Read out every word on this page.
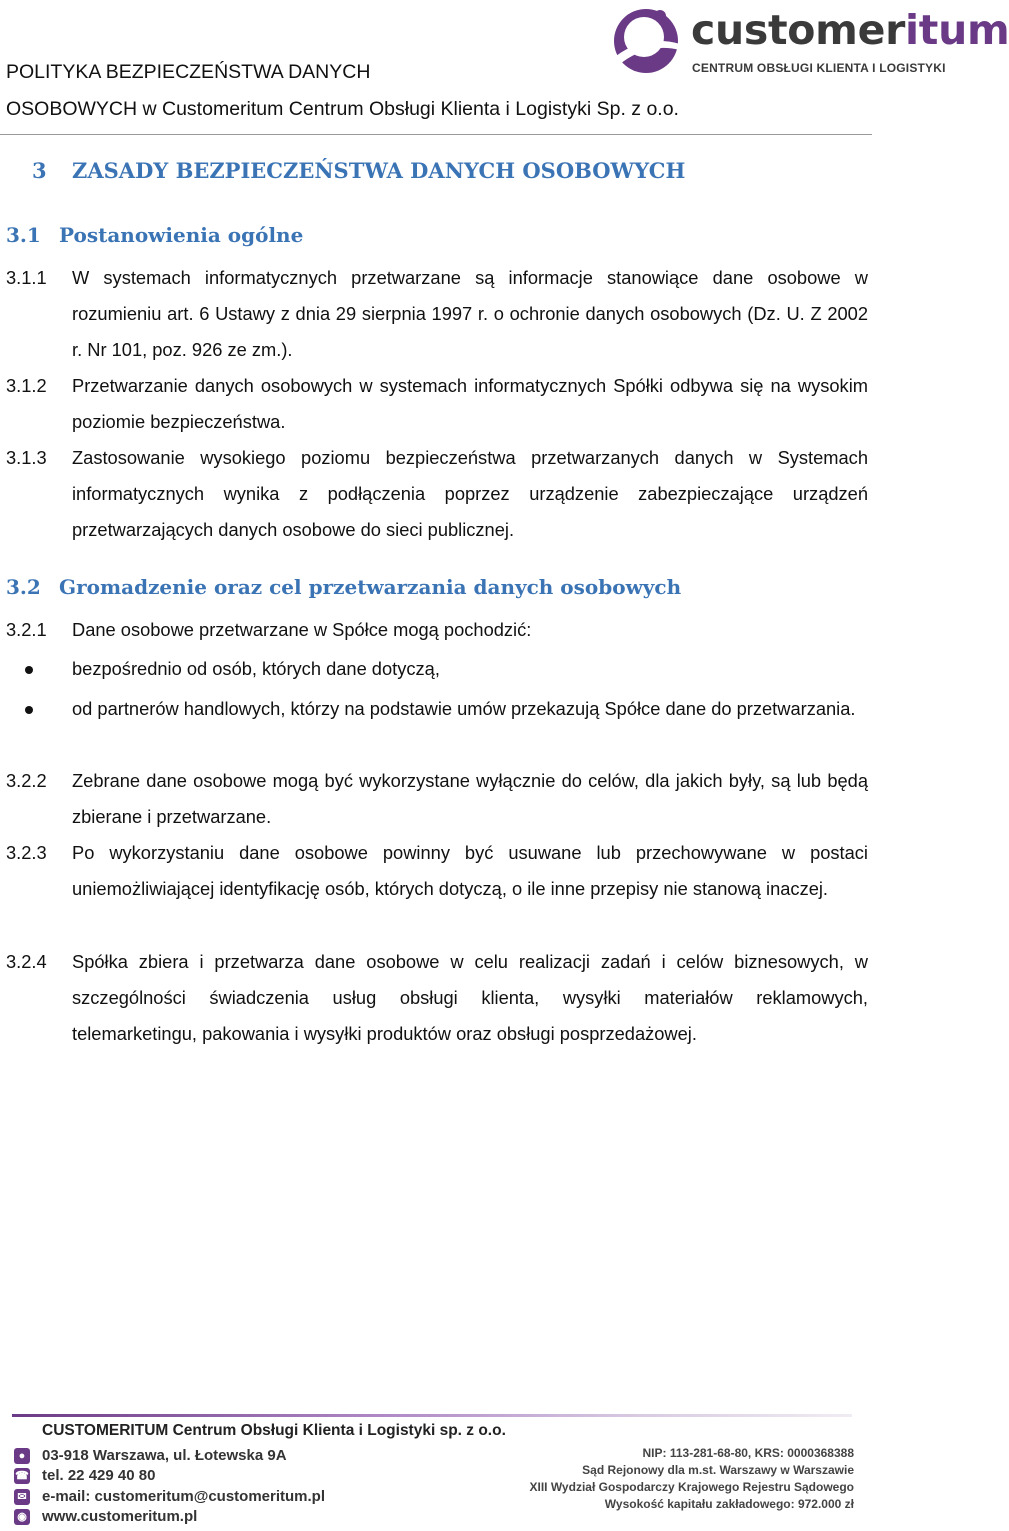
POLITYKA BEZPIECZEŃSTWA DANYCH
OSOBOWYCH w Customeritum Centrum Obsługi Klienta i Logistyki Sp. z o.o.
customeritum
CENTRUM OBSŁUGI KLIENTA I LOGISTYKI
3 ZASADY BEZPIECZEŃSTWA DANYCH OSOBOWYCH
3.1 Postanowienia ogólne
3.1.1 W systemach informatycznych przetwarzane są informacje stanowiące dane osobowe w rozumieniu art. 6 Ustawy z dnia 29 sierpnia 1997 r. o ochronie danych osobowych (Dz. U. Z 2002 r. Nr 101, poz. 926 ze zm.).
3.1.2 Przetwarzanie danych osobowych w systemach informatycznych Spółki odbywa się na wysokim poziomie bezpieczeństwa.
3.1.3 Zastosowanie wysokiego poziomu bezpieczeństwa przetwarzanych danych w Systemach informatycznych wynika z podłączenia poprzez urządzenie zabezpieczające urządzeń przetwarzających danych osobowe do sieci publicznej.
3.2 Gromadzenie oraz cel przetwarzania danych osobowych
3.2.1 Dane osobowe przetwarzane w Spółce mogą pochodzić:
bezpośrednio od osób, których dane dotyczą,
od partnerów handlowych, którzy na podstawie umów przekazują Spółce dane do przetwarzania.
3.2.2 Zebrane dane osobowe mogą być wykorzystane wyłącznie do celów, dla jakich były, są lub będą zbierane i przetwarzane.
3.2.3 Po wykorzystaniu dane osobowe powinny być usuwane lub przechowywane w postaci uniemożliwiającej identyfikację osób, których dotyczą, o ile inne przepisy nie stanową inaczej.
3.2.4 Spółka zbiera i przetwarza dane osobowe w celu realizacji zadań i celów biznesowych, w szczególności świadczenia usług obsługi klienta, wysyłki materiałów reklamowych, telemarketingu, pakowania i wysyłki produktów oraz obsługi posprzedażowej.
CUSTOMERITUM Centrum Obsługi Klienta i Logistyki sp. z o.o.
●	03-918 Warszawa, ul. Łotewska 9A
☎ tel. 22 429 40 80
✉ e-mail: customeritum@customeritum.pl
◉ www.customeritum.pl
NIP: 113-281-68-80, KRS: 0000368388
Sąd Rejonowy dla m.st. Warszawy w Warszawie
XIII Wydział Gospodarczy Krajowego Rejestru Sądowego
Wysokość kapitału zakładowego: 972.000 zł
